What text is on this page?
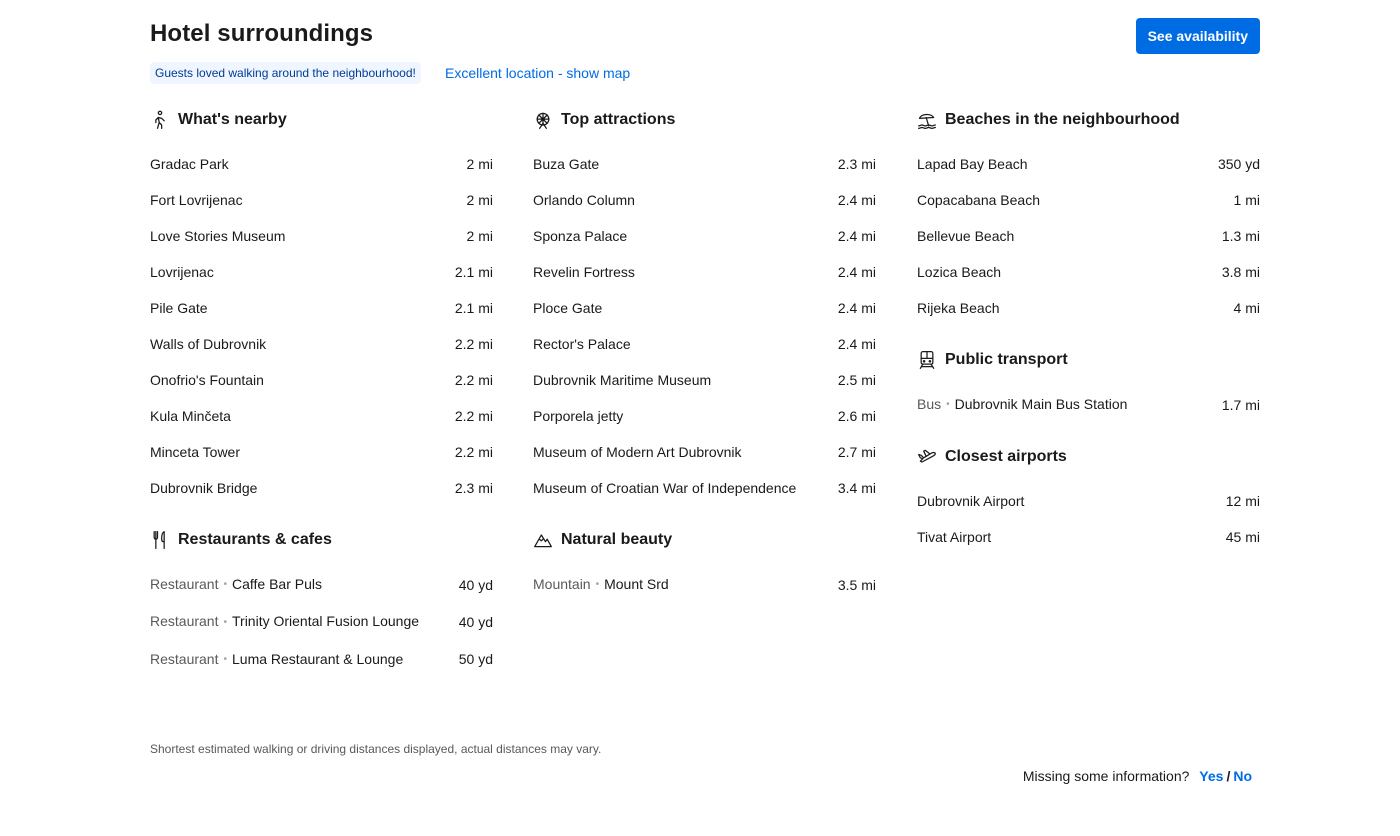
Hotel surroundings	See availability
Guests loved walking around the neighbourhood!	Excellent location - show map
What's nearby
Gradac Park	2 mi
Fort Lovrijenac	2 mi
Love Stories Museum	2 mi
Lovrijenac	2.1 mi
Pile Gate	2.1 mi
Walls of Dubrovnik	2.2 mi
Onofrio's Fountain	2.2 mi
Kula Minčeta	2.2 mi
Minceta Tower	2.2 mi
Dubrovnik Bridge	2.3 mi
Restaurants & cafes
Restaurant • Caffe Bar Puls	40 yd
Restaurant • Trinity Oriental Fusion Lounge	40 yd
Restaurant • Luma Restaurant & Lounge	50 yd
Top attractions
Buza Gate	2.3 mi
Orlando Column	2.4 mi
Sponza Palace	2.4 mi
Revelin Fortress	2.4 mi
Ploce Gate	2.4 mi
Rector's Palace	2.4 mi
Dubrovnik Maritime Museum	2.5 mi
Porporela jetty	2.6 mi
Museum of Modern Art Dubrovnik	2.7 mi
Museum of Croatian War of Independence	3.4 mi
Natural beauty
Mountain • Mount Srd	3.5 mi
Beaches in the neighbourhood
Lapad Bay Beach	350 yd
Copacabana Beach	1 mi
Bellevue Beach	1.3 mi
Lozica Beach	3.8 mi
Rijeka Beach	4 mi
Public transport
Bus • Dubrovnik Main Bus Station	1.7 mi
Closest airports
Dubrovnik Airport	12 mi
Tivat Airport	45 mi

Shortest estimated walking or driving distances displayed, actual distances may vary.

Missing some information? Yes / No
